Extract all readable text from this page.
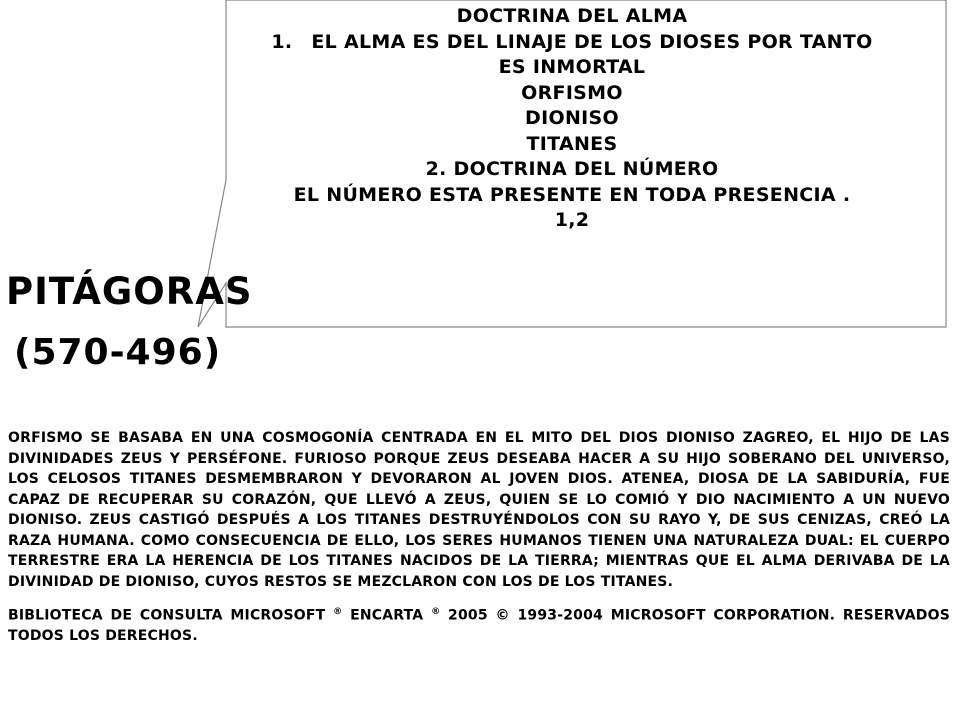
DOCTRINA DEL ALMA
1. EL ALMA ES DEL LINAJE DE LOS DIOSES POR TANTO
ES INMORTAL
ORFISMO
DIONISO
TITANES
2. DOCTRINA DEL NÚMERO
EL NÚMERO ESTA PRESENTE EN TODA PRESENCIA .
1,2
PITÁGORAS
(570-496)

ORFISMO SE BASABA EN UNA COSMOGONÍA CENTRADA EN EL MITO DEL DIOS DIONISO ZAGREO, EL HIJO DE LAS DIVINIDADES ZEUS Y PERSÉFONE. FURIOSO PORQUE ZEUS DESEABA HACER A SU HIJO SOBERANO DEL UNIVERSO, LOS CELOSOS TITANES DESMEMBRARON Y DEVORARON AL JOVEN DIOS. ATENEA, DIOSA DE LA SABIDURÍA, FUE CAPAZ DE RECUPERAR SU CORAZÓN, QUE LLEVÓ A ZEUS, QUIEN SE LO COMIÓ Y DIO NACIMIENTO A UN NUEVO DIONISO. ZEUS CASTIGÓ DESPUÉS A LOS TITANES DESTRUYÉNDOLOS CON SU RAYO Y, DE SUS CENIZAS, CREÓ LA RAZA HUMANA. COMO CONSECUENCIA DE ELLO, LOS SERES HUMANOS TIENEN UNA NATURALEZA DUAL: EL CUERPO TERRESTRE ERA LA HERENCIA DE LOS TITANES NACIDOS DE LA TIERRA; MIENTRAS QUE EL ALMA DERIVABA DE LA DIVINIDAD DE DIONISO, CUYOS RESTOS SE MEZCLARON CON LOS DE LOS TITANES.

BIBLIOTECA DE CONSULTA MICROSOFT ® ENCARTA ® 2005 © 1993-2004 MICROSOFT CORPORATION. RESERVADOS TODOS LOS DERECHOS.
